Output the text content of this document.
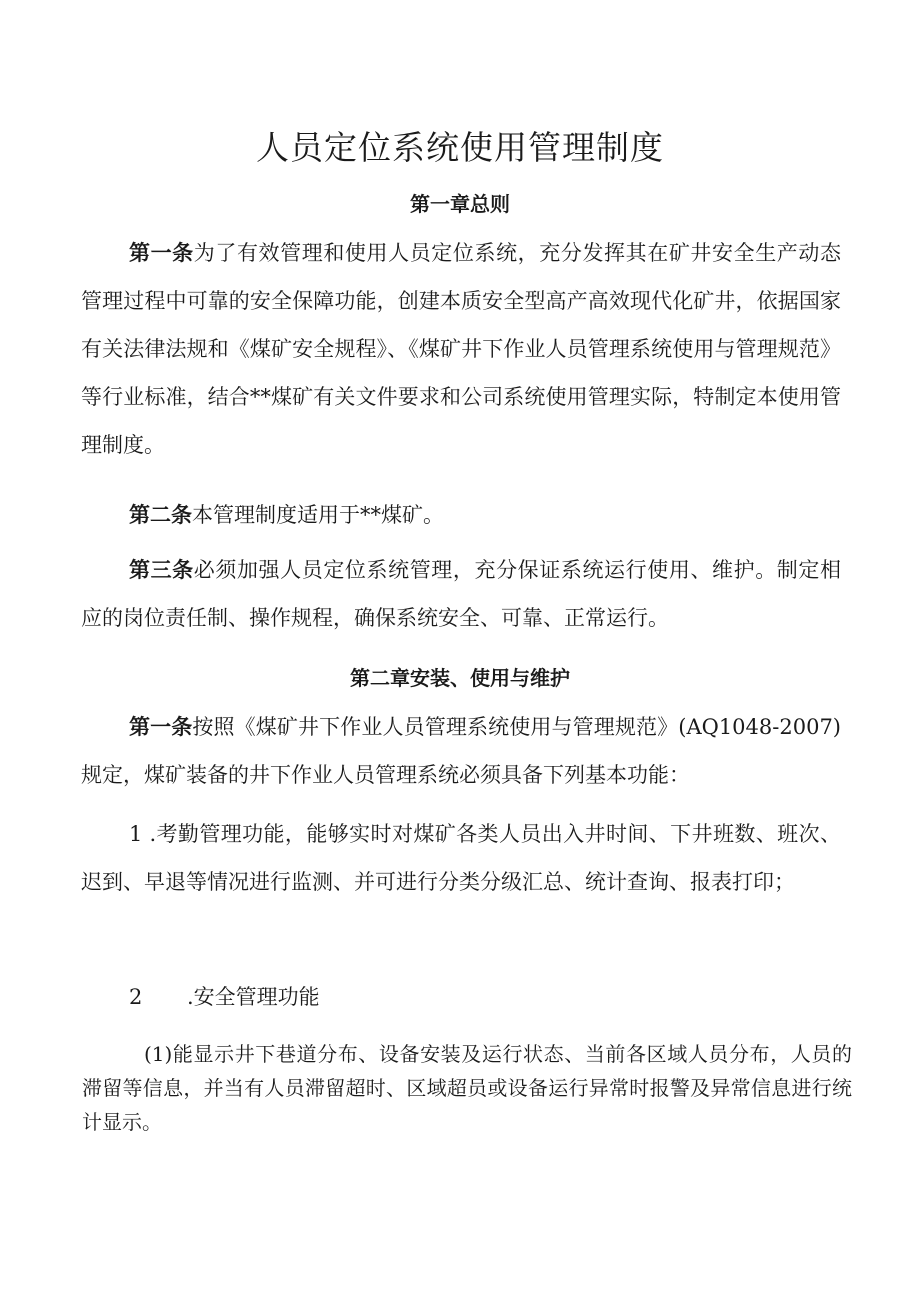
人员定位系统使用管理制度
第一章总则
第一条为了有效管理和使用人员定位系统，充分发挥其在矿井安全生产动态管理过程中可靠的安全保障功能，创建本质安全型高产高效现代化矿井，依据国家有关法律法规和《煤矿安全规程》、《煤矿井下作业人员管理系统使用与管理规范》等行业标准，结合**煤矿有关文件要求和公司系统使用管理实际，特制定本使用管理制度。
第二条本管理制度适用于**煤矿。
第三条必须加强人员定位系统管理，充分保证系统运行使用、维护。制定相应的岗位责任制、操作规程，确保系统安全、可靠、正常运行。
第二章安装、使用与维护
第一条按照《煤矿井下作业人员管理系统使用与管理规范》(AQ1048-2007)规定，煤矿装备的井下作业人员管理系统必须具备下列基本功能：
1 .考勤管理功能，能够实时对煤矿各类人员出入井时间、下井班数、班次、迟到、早退等情况进行监测、并可进行分类分级汇总、统计查询、报表打印；
2 .安全管理功能
(1)能显示井下巷道分布、设备安装及运行状态、当前各区域人员分布，人员的滞留等信息，并当有人员滞留超时、区域超员或设备运行异常时报警及异常信息进行统计显示。
